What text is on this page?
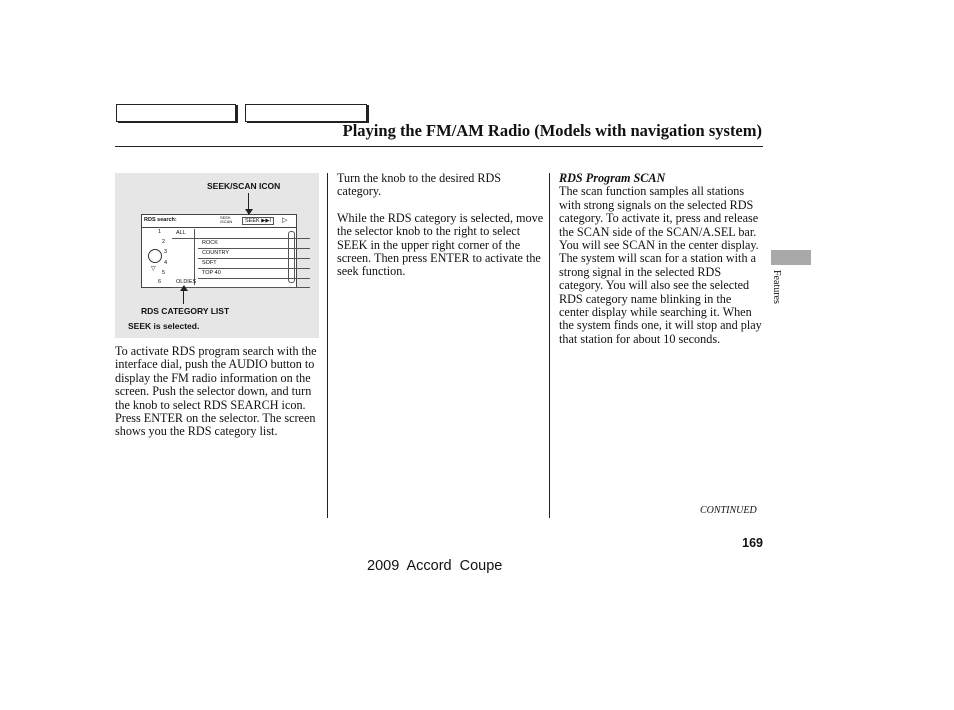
Playing the FM/AM Radio (Models with navigation system)
SEEK/SCAN ICON
RDS CATEGORY LIST
SEEK is selected.
RDS search:	SEEK
/SCAN	SEEK ▶▶I	▷
▽
1
2
3
4
5
6
ALL
ROCK
COUNTRY
SOFT
TOP 40
OLDIES

To activate RDS program search with the interface dial, push the AUDIO button to display the FM radio information on the screen. Push the selector down, and turn the knob to select RDS SEARCH icon. Press ENTER on the selector. The screen shows you the RDS category list.

Turn the knob to the desired RDS category.

While the RDS category is selected, move the selector knob to the right to select SEEK in the upper right corner of the screen. Then press ENTER to activate the seek function.

RDS Program SCAN

The scan function samples all stations with strong signals on the selected RDS category. To activate it, press and release the SCAN side of the SCAN/A.SEL bar. You will see SCAN in the center display. The system will scan for a station with a strong signal in the selected RDS category. You will also see the selected RDS category name blinking in the center display while searching it. When the system finds one, it will stop and play that station for about 10 seconds.

Features
CONTINUED
169
2009 Accord Coupe
